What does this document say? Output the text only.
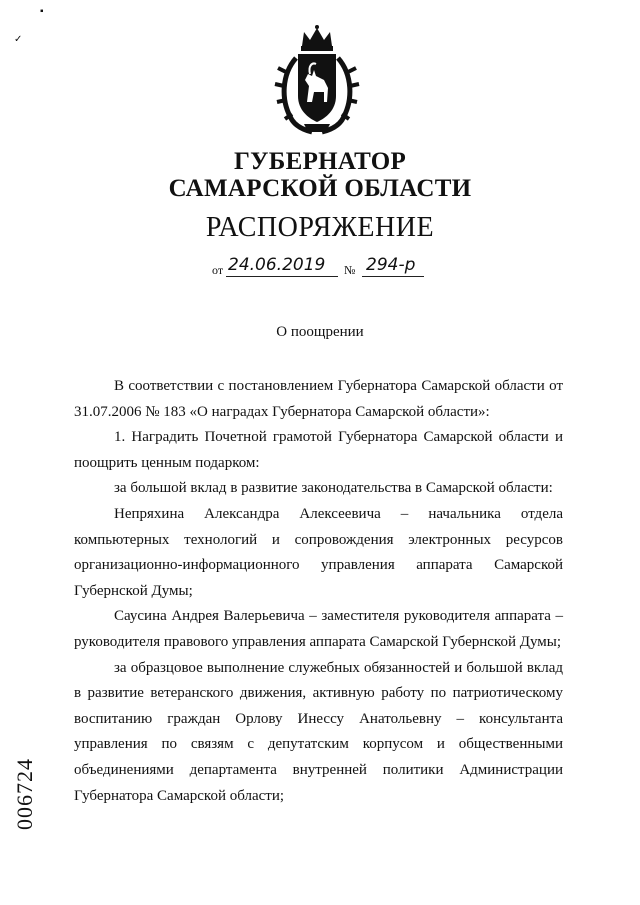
▪
✓
ГУБЕРНАТОР
САМАРСКОЙ ОБЛАСТИ
РАСПОРЯЖЕНИЕ
от 24.06.2019 № 294-р
О поощрении

В соответствии с постановлением Губернатора Самарской области от 31.07.2006 № 183 «О наградах Губернатора Самарской области»:

1. Наградить Почетной грамотой Губернатора Самарской области и поощрить ценным подарком:

за большой вклад в развитие законодательства в Самарской области:

Непряхина Александра Алексеевича – начальника отдела компьютерных технологий и сопровождения электронных ресурсов организационно-информационного управления аппарата Самарской Губернской Думы;

Саусина Андрея Валерьевича – заместителя руководителя аппарата – руководителя правового управления аппарата Самарской Губернской Думы;

за образцовое выполнение служебных обязанностей и большой вклад в развитие ветеранского движения, активную работу по патриотическому воспитанию граждан Орлову Инессу Анатольевну – консультанта управления по связям с депутатским корпусом и общественными объединениями департамента внутренней политики Администрации Губернатора Самарской области;

006724
